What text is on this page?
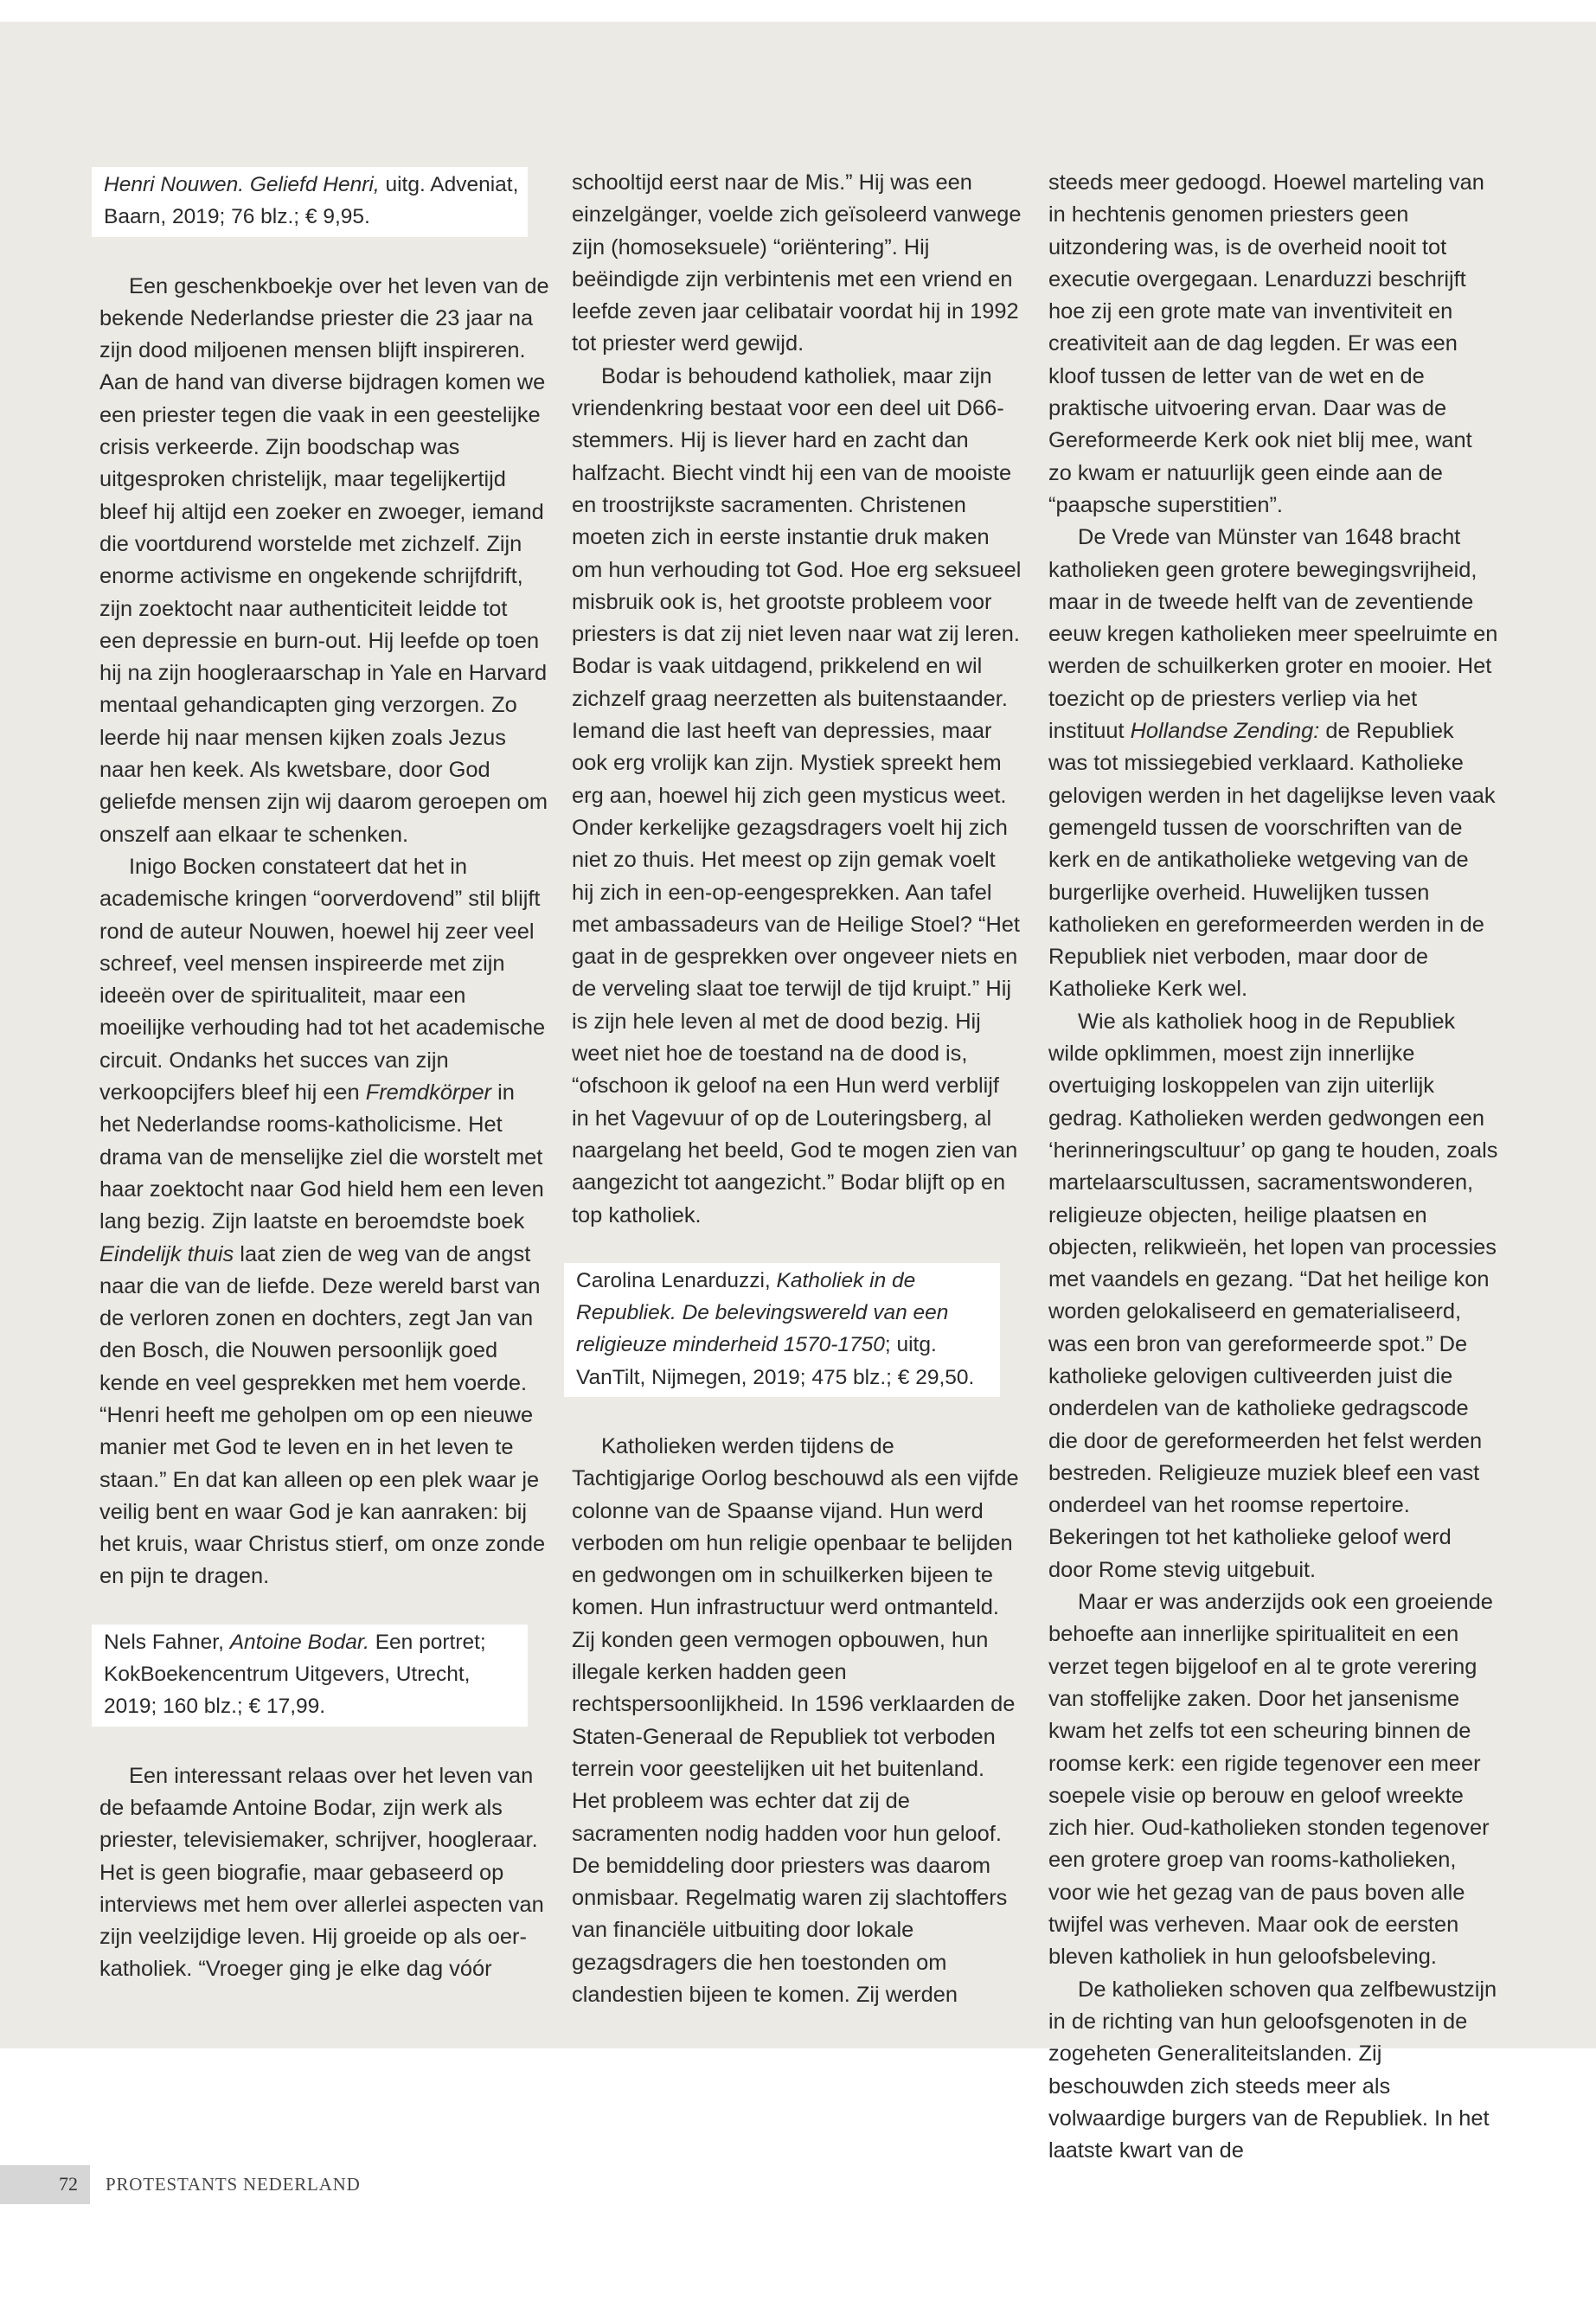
Henri Nouwen. Geliefd Henri, uitg. Adveniat,
Baarn, 2019; 76 blz.; € 9,95.

Een geschenkboekje over het leven van de bekende Nederlandse priester die 23 jaar na zijn dood miljoenen mensen blijft inspireren. Aan de hand van diverse bijdragen komen we een priester tegen die vaak in een geestelijke crisis verkeerde. Zijn boodschap was uitgesproken christelijk, maar tegelijkertijd bleef hij altijd een zoeker en zwoeger, iemand die voortdurend worstelde met zichzelf. Zijn enorme activisme en ongekende schrijfdrift, zijn zoektocht naar authenticiteit leidde tot een depressie en burn-out. Hij leefde op toen hij na zijn hoogleraarschap in Yale en Harvard mentaal gehandicapten ging verzorgen. Zo leerde hij naar mensen kijken zoals Jezus naar hen keek. Als kwetsbare, door God geliefde mensen zijn wij daarom geroepen om onszelf aan elkaar te schenken.

Inigo Bocken constateert dat het in academische kringen “oorverdovend” stil blijft rond de auteur Nouwen, hoewel hij zeer veel schreef, veel mensen inspireerde met zijn ideeën over de spiritualiteit, maar een moeilijke verhouding had tot het academische circuit. Ondanks het succes van zijn verkoopcijfers bleef hij een Fremdkörper in het Nederlandse rooms-katholicisme. Het drama van de menselijke ziel die worstelt met haar zoektocht naar God hield hem een leven lang bezig. Zijn laatste en beroemdste boek Eindelijk thuis laat zien de weg van de angst naar die van de liefde. Deze wereld barst van de verloren zonen en dochters, zegt Jan van den Bosch, die Nouwen persoonlijk goed kende en veel gesprekken met hem voerde. “Henri heeft me geholpen om op een nieuwe manier met God te leven en in het leven te staan.” En dat kan alleen op een plek waar je veilig bent en waar God je kan aanraken: bij het kruis, waar Christus stierf, om onze zonde en pijn te dragen.

Nels Fahner, Antoine Bodar. Een portret; KokBoekencentrum Uitgevers, Utrecht, 2019; 160 blz.; € 17,99.

Een interessant relaas over het leven van de befaamde Antoine Bodar, zijn werk als priester, televisiemaker, schrijver, hoogleraar. Het is geen biografie, maar gebaseerd op interviews met hem over allerlei aspecten van zijn veelzijdige leven. Hij groeide op als oer-katholiek. “Vroeger ging je elke dag vóór

schooltijd eerst naar de Mis.” Hij was een einzelgänger, voelde zich geïsoleerd vanwege zijn (homoseksuele) “oriëntering”. Hij beëindigde zijn verbintenis met een vriend en leefde zeven jaar celibatair voordat hij in 1992 tot priester werd gewijd.

Bodar is behoudend katholiek, maar zijn vriendenkring bestaat voor een deel uit D66-stemmers. Hij is liever hard en zacht dan halfzacht. Biecht vindt hij een van de mooiste en troostrijkste sacramenten. Christenen moeten zich in eerste instantie druk maken om hun verhouding tot God. Hoe erg seksueel misbruik ook is, het grootste probleem voor priesters is dat zij niet leven naar wat zij leren. Bodar is vaak uitdagend, prikkelend en wil zichzelf graag neerzetten als buitenstaander. Iemand die last heeft van depressies, maar ook erg vrolijk kan zijn. Mystiek spreekt hem erg aan, hoewel hij zich geen mysticus weet. Onder kerkelijke gezagsdragers voelt hij zich niet zo thuis. Het meest op zijn gemak voelt hij zich in een-op-eengesprekken. Aan tafel met ambassadeurs van de Heilige Stoel? “Het gaat in de gesprekken over ongeveer niets en de verveling slaat toe terwijl de tijd kruipt.” Hij is zijn hele leven al met de dood bezig. Hij weet niet hoe de toestand na de dood is, “ofschoon ik geloof na een Hun werd verblijf in het Vagevuur of op de Louteringsberg, al naargelang het beeld, God te mogen zien van aangezicht tot aangezicht.” Bodar blijft op en top katholiek.

Carolina Lenarduzzi, Katholiek in de Republiek. De belevingswereld van een religieuze minderheid 1570-1750; uitg. VanTilt, Nijmegen, 2019; 475 blz.; € 29,50.

Katholieken werden tijdens de Tachtigjarige Oorlog beschouwd als een vijfde colonne van de Spaanse vijand. Hun werd verboden om hun religie openbaar te belijden en gedwongen om in schuilkerken bijeen te komen. Hun infrastructuur werd ontmanteld. Zij konden geen vermogen opbouwen, hun illegale kerken hadden geen rechtspersoonlijkheid. In 1596 verklaarden de Staten-Generaal de Republiek tot verboden terrein voor geestelijken uit het buitenland. Het probleem was echter dat zij de sacramenten nodig hadden voor hun geloof. De bemiddeling door priesters was daarom onmisbaar. Regelmatig waren zij slachtoffers van financiële uitbuiting door lokale gezagsdragers die hen toestonden om clandestien bijeen te komen. Zij werden

steeds meer gedoogd. Hoewel marteling van in hechtenis genomen priesters geen uitzondering was, is de overheid nooit tot executie overgegaan. Lenarduzzi beschrijft hoe zij een grote mate van inventiviteit en creativiteit aan de dag legden. Er was een kloof tussen de letter van de wet en de praktische uitvoering ervan. Daar was de Gereformeerde Kerk ook niet blij mee, want zo kwam er natuurlijk geen einde aan de “paapsche superstitien”.

De Vrede van Münster van 1648 bracht katholieken geen grotere bewegingsvrijheid, maar in de tweede helft van de zeventiende eeuw kregen katholieken meer speelruimte en werden de schuilkerken groter en mooier. Het toezicht op de priesters verliep via het instituut Hollandse Zending: de Republiek was tot missiegebied verklaard. Katholieke gelovigen werden in het dagelijkse leven vaak gemengeld tussen de voorschriften van de kerk en de antikatholieke wetgeving van de burgerlijke overheid. Huwelijken tussen katholieken en gereformeerden werden in de Republiek niet verboden, maar door de Katholieke Kerk wel.

Wie als katholiek hoog in de Republiek wilde opklimmen, moest zijn innerlijke overtuiging loskoppelen van zijn uiterlijk gedrag. Katholieken werden gedwongen een ‘herinneringscultuur’ op gang te houden, zoals martelaarscultussen, sacramentswonderen, religieuze objecten, heilige plaatsen en objecten, relikwieën, het lopen van processies met vaandels en gezang. “Dat het heilige kon worden gelokaliseerd en gematerialiseerd, was een bron van gereformeerde spot.” De katholieke gelovigen cultiveerden juist die onderdelen van de katholieke gedragscode die door de gereformeerden het felst werden bestreden. Religieuze muziek bleef een vast onderdeel van het roomse repertoire. Bekeringen tot het katholieke geloof werd door Rome stevig uitgebuit.

Maar er was anderzijds ook een groeiende behoefte aan innerlijke spiritualiteit en een verzet tegen bijgeloof en al te grote verering van stoffelijke zaken. Door het jansenisme kwam het zelfs tot een scheuring binnen de roomse kerk: een rigide tegenover een meer soepele visie op berouw en geloof wreekte zich hier. Oud-katholieken stonden tegenover een grotere groep van rooms-katholieken, voor wie het gezag van de paus boven alle twijfel was verheven. Maar ook de eersten bleven katholiek in hun geloofsbeleving.

De katholieken schoven qua zelfbewustzijn in de richting van hun geloofsgenoten in de zogeheten Generaliteitslanden. Zij beschouwden zich steeds meer als volwaardige burgers van de Republiek. In het laatste kwart van de

72 PROTESTANTS NEDERLAND
